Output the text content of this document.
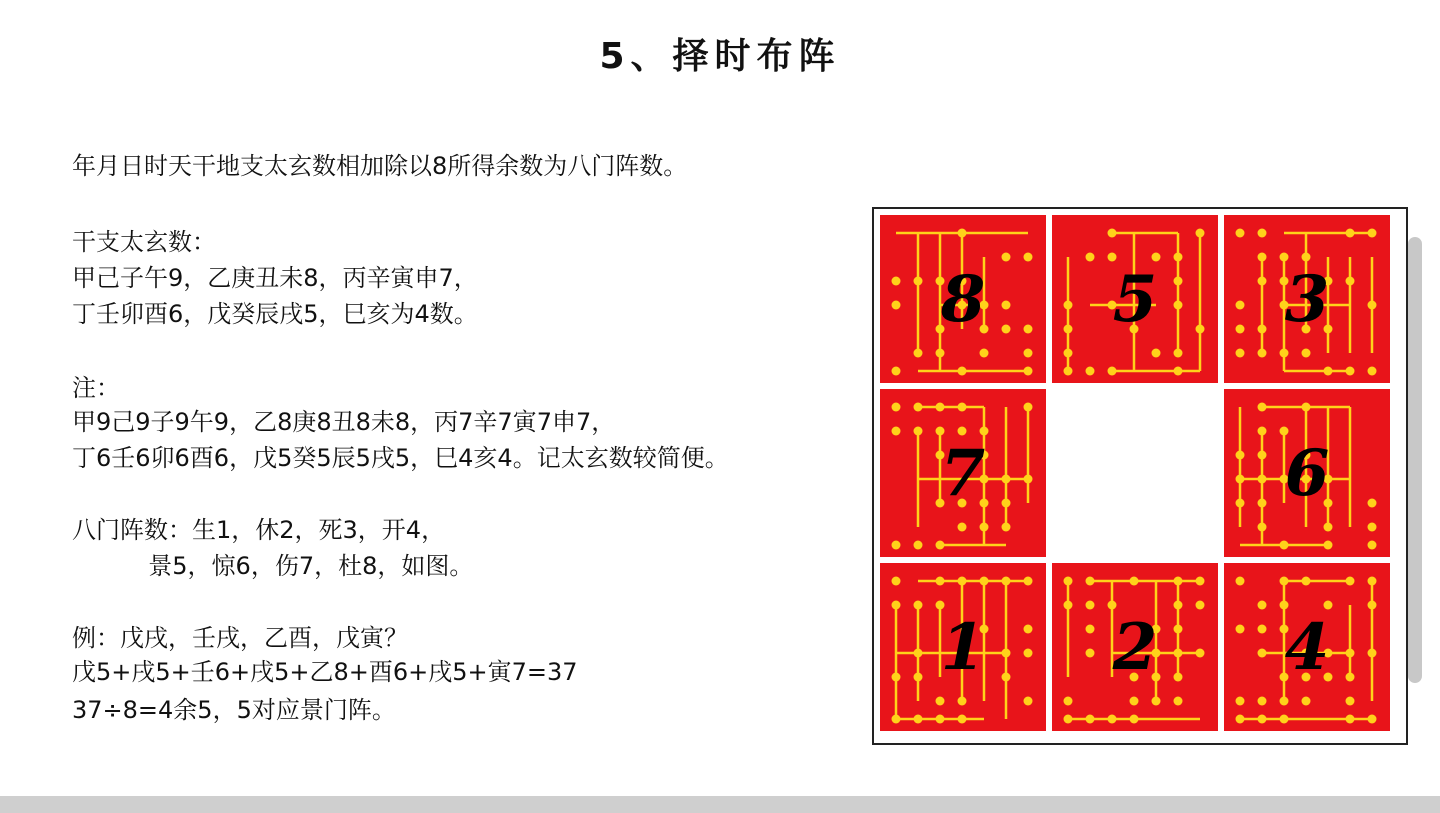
5、择时布阵
年月日时天干地支太玄数相加除以8所得余数为八门阵数。
干支太玄数：
甲己子午9，乙庚丑未8，丙辛寅申7，
丁壬卯酉6，戊癸辰戌5，巳亥为4数。
注：
甲9己9子9午9，乙8庚8丑8未8，丙7辛7寅7申7，
丁6壬6卯6酉6，戊5癸5辰5戌5，巳4亥4。记太玄数较简便。
八门阵数：生1，休2，死3，开4，
景5，惊6，伤7，杜8，如图。
例：戊戌，壬戌，乙酉，戊寅？
戊5+戌5+壬6+戌5+乙8+酉6+戌5+寅7=37
37÷8=4余5，5对应景门阵。
8	5	3
7	6
1	2	4
